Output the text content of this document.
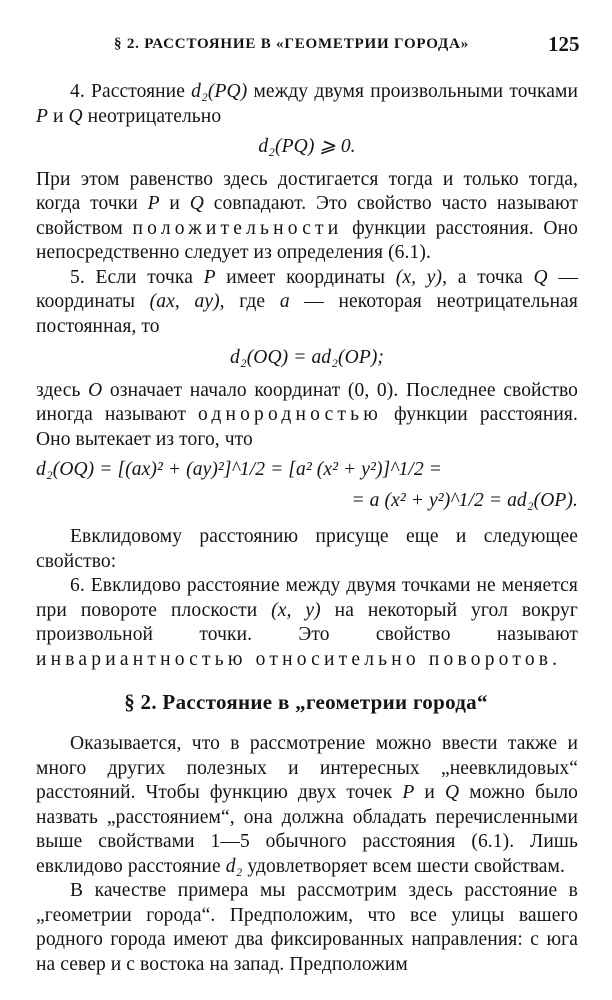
§ 2. РАССТОЯНИЕ В «ГЕОМЕТРИИ ГОРОДА»	125

4. Расстояние d₂(PQ) между двумя произвольными точками P и Q неотрицательно

d₂(PQ) ⩾ 0.

При этом равенство здесь достигается тогда и только тогда, когда точки P и Q совпадают. Это свойство часто называют свойством положительности функции расстояния. Оно непосредственно следует из определения (6.1).

5. Если точка P имеет координаты (x, y), а точка Q — координаты (ax, ay), где a — некоторая неотрицательная постоянная, то

d₂(OQ) = ad₂(OP);

здесь O означает начало координат (0, 0). Последнее свойство иногда называют однородностью функции расстояния. Оно вытекает из того, что

d₂(OQ) = [(ax)² + (ay)²]^1/2 = [a² (x² + y²)]^1/2 =

= a (x² + y²)^1/2 = ad₂(OP).

Евклидовому расстоянию присуще еще и следующее свойство:

6. Евклидово расстояние между двумя точками не меняется при повороте плоскости (x, y) на некоторый угол вокруг произвольной точки. Это свойство называют инвариантностью относительно поворотов.

§ 2. Расстояние в „геометрии города“

Оказывается, что в рассмотрение можно ввести также и много других полезных и интересных „неевклидовых“ расстояний. Чтобы функцию двух точек P и Q можно было назвать „расстоянием“, она должна обладать перечисленными выше свойствами 1—5 обычного расстояния (6.1). Лишь евклидово расстояние d₂ удовлетворяет всем шести свойствам.

В качестве примера мы рассмотрим здесь расстояние в „геометрии города“. Предположим, что все улицы вашего родного города имеют два фиксированных направления: с юга на север и с востока на запад. Предположим
